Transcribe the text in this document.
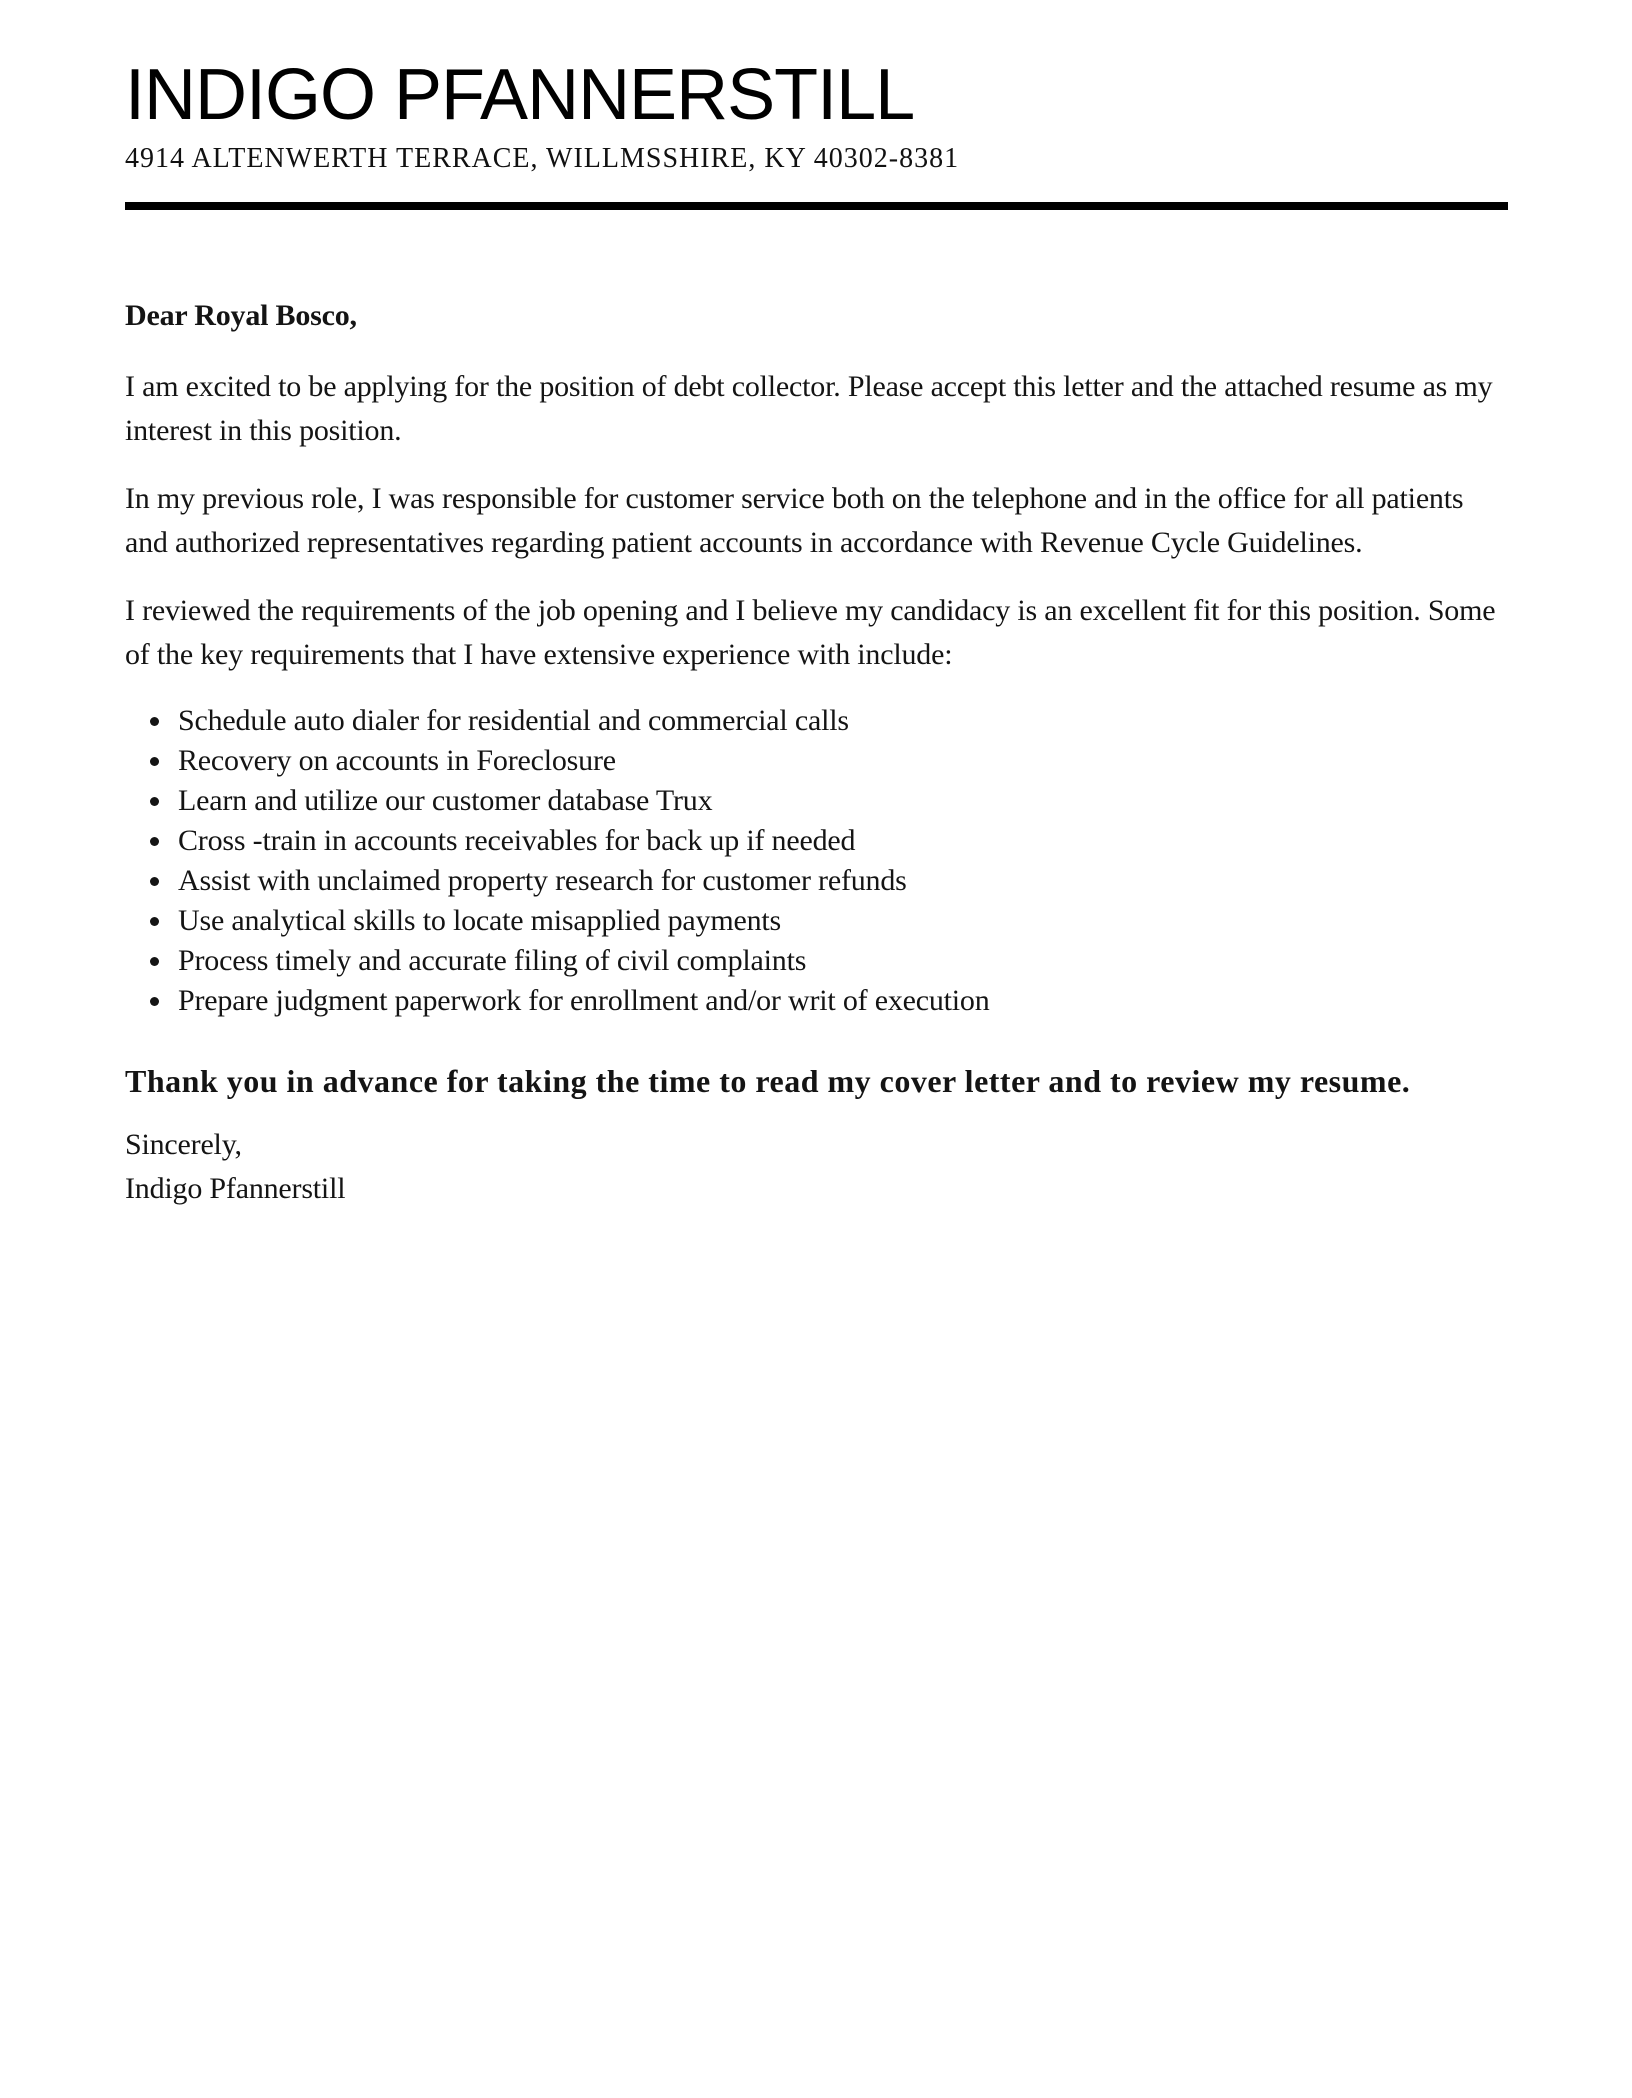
INDIGO PFANNERSTILL
4914 ALTENWERTH TERRACE, WILLMSSHIRE, KY 40302-8381

Dear Royal Bosco,

I am excited to be applying for the position of debt collector. Please accept this letter and the attached resume as my interest in this position.

In my previous role, I was responsible for customer service both on the telephone and in the office for all patients and authorized representatives regarding patient accounts in accordance with Revenue Cycle Guidelines.

I reviewed the requirements of the job opening and I believe my candidacy is an excellent fit for this position. Some of the key requirements that I have extensive experience with include:

• Schedule auto dialer for residential and commercial calls
• Recovery on accounts in Foreclosure
• Learn and utilize our customer database Trux
• Cross -train in accounts receivables for back up if needed
• Assist with unclaimed property research for customer refunds
• Use analytical skills to locate misapplied payments
• Process timely and accurate filing of civil complaints
• Prepare judgment paperwork for enrollment and/or writ of execution

Thank you in advance for taking the time to read my cover letter and to review my resume.

Sincerely,

Indigo Pfannerstill
